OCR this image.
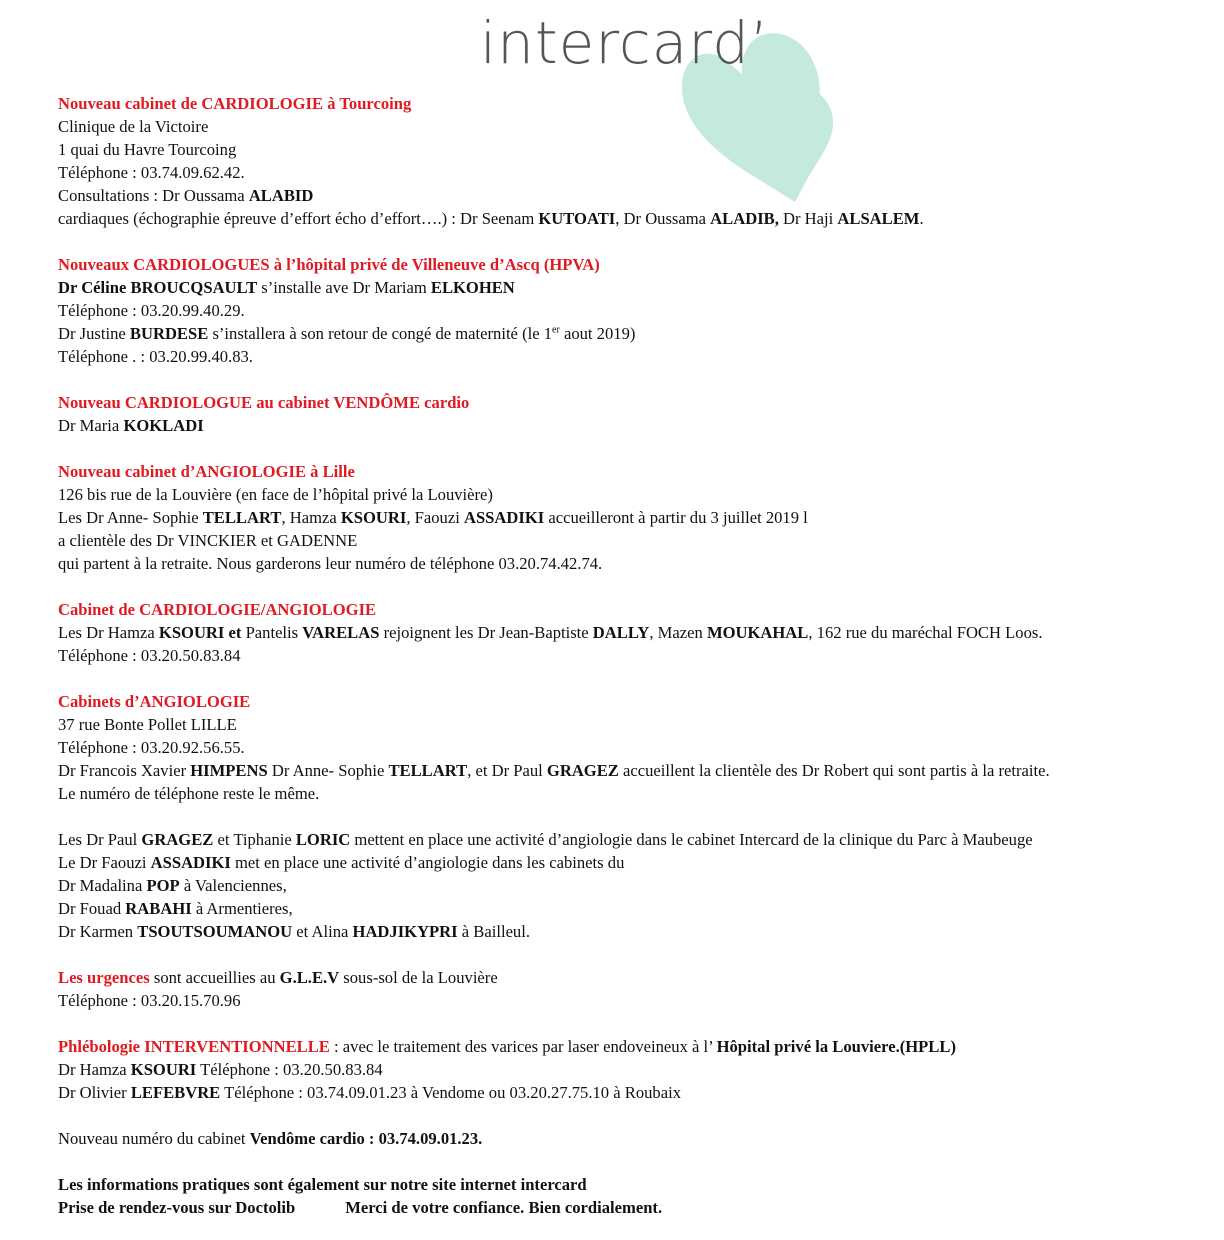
intercard’
Nouveau cabinet de CARDIOLOGIE à Tourcoing
Clinique de la Victoire
1 quai du Havre Tourcoing
Téléphone : 03.74.09.62.42.
Consultations : Dr Oussama ALABID
cardiaques (échographie épreuve d’effort écho d’effort….) : Dr Seenam KUTOATI, Dr Oussama ALADIB, Dr Haji ALSALEM.
Nouveaux CARDIOLOGUES à l’hôpital privé de Villeneuve d’Ascq (HPVA)
Dr Céline BROUCQSAULT s’installe ave Dr Mariam ELKOHEN
Téléphone : 03.20.99.40.29.
Dr Justine BURDESE s’installera à son retour de congé de maternité (le 1er aout 2019)
Téléphone . : 03.20.99.40.83.
Nouveau CARDIOLOGUE au cabinet VENDÔME cardio
Dr Maria KOKLADI
Nouveau cabinet d’ANGIOLOGIE à Lille
126 bis rue de la Louvière (en face de l’hôpital privé la Louvière)
Les Dr Anne- Sophie TELLART, Hamza KSOURI, Faouzi ASSADIKI accueilleront à partir du 3 juillet 2019 l
a clientèle des Dr VINCKIER et GADENNE
qui partent à la retraite. Nous garderons leur numéro de téléphone 03.20.74.42.74.
Cabinet de CARDIOLOGIE/ANGIOLOGIE
Les Dr Hamza KSOURI et Pantelis VARELAS rejoignent les Dr Jean-Baptiste DALLY, Mazen MOUKAHAL, 162 rue du maréchal FOCH Loos.
Téléphone : 03.20.50.83.84
Cabinets d’ANGIOLOGIE
37 rue Bonte Pollet LILLE
Téléphone : 03.20.92.56.55.
Dr Francois Xavier HIMPENS Dr Anne- Sophie TELLART, et Dr Paul GRAGEZ accueillent la clientèle des Dr Robert qui sont partis à la retraite.
Le numéro de téléphone reste le même.
Les Dr Paul GRAGEZ et Tiphanie LORIC mettent en place une activité d’angiologie dans le cabinet Intercard de la clinique du Parc à Maubeuge
Le Dr Faouzi ASSADIKI met en place une activité d’angiologie dans les cabinets du
Dr Madalina POP à Valenciennes,
Dr Fouad RABAHI à Armentieres,
Dr Karmen TSOUTSOUMANOU et Alina HADJIKYPRI à Bailleul.
Les urgences sont accueillies au G.L.E.V sous-sol de la Louvière
Téléphone : 03.20.15.70.96
Phlébologie INTERVENTIONNELLE : avec le traitement des varices par laser endoveineux à l’ Hôpital privé la Louviere.(HPLL)
Dr Hamza KSOURI Téléphone : 03.20.50.83.84
Dr Olivier LEFEBVRE Téléphone : 03.74.09.01.23 à Vendome ou 03.20.27.75.10 à Roubaix
Nouveau numéro du cabinet Vendôme cardio : 03.74.09.01.23.
Les informations pratiques sont également sur notre site internet intercard
Prise de rendez-vous sur Doctolib	Merci de votre confiance. Bien cordialement.
